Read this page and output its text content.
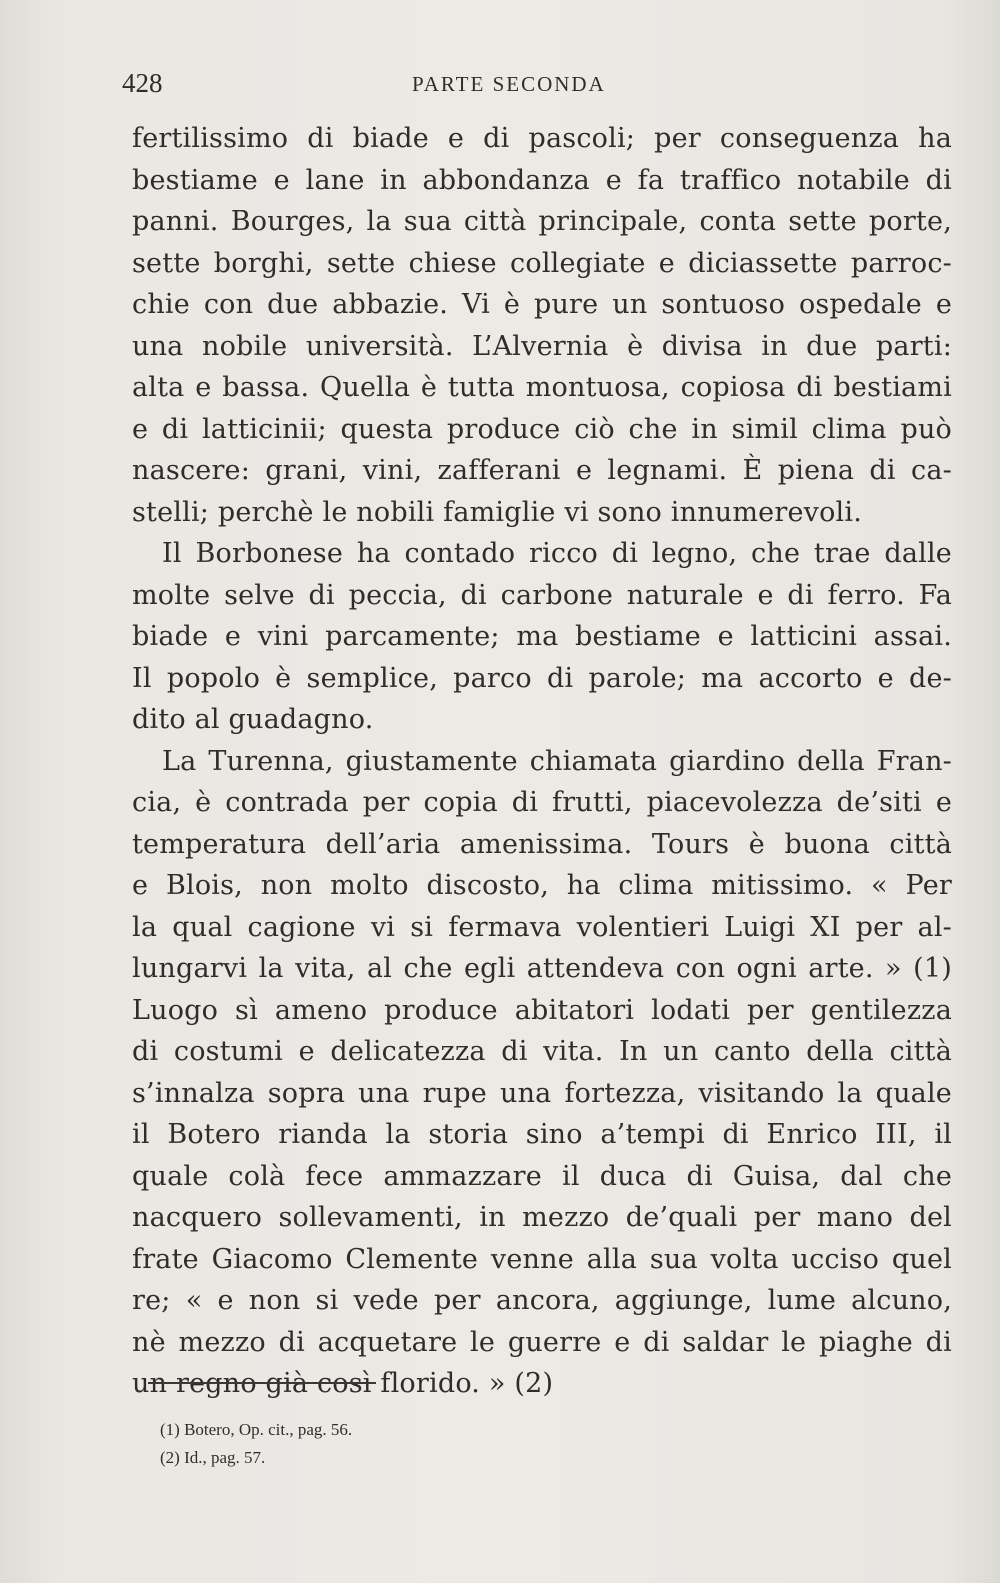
428	PARTE SECONDA
fertilissimo di biade e di pascoli; per conseguenza ha
bestiame e lane in abbondanza e fa traffico notabile di
panni. Bourges, la sua città principale, conta sette porte,
sette borghi, sette chiese collegiate e diciassette parroc-
chie con due abbazie. Vi è pure un sontuoso ospedale e
una nobile università. L’Alvernia è divisa in due parti:
alta e bassa. Quella è tutta montuosa, copiosa di bestiami
e di latticinii; questa produce ciò che in simil clima può
nascere: grani, vini, zafferani e legnami. È piena di ca-
stelli; perchè le nobili famiglie vi sono innumerevoli.
Il Borbonese ha contado ricco di legno, che trae dalle
molte selve di peccia, di carbone naturale e di ferro. Fa
biade e vini parcamente; ma bestiame e latticini assai.
Il popolo è semplice, parco di parole; ma accorto e de-
dito al guadagno.
La Turenna, giustamente chiamata giardino della Fran-
cia, è contrada per copia di frutti, piacevolezza de’siti e
temperatura dell’aria amenissima. Tours è buona città
e Blois, non molto discosto, ha clima mitissimo. « Per
la qual cagione vi si fermava volentieri Luigi XI per al-
lungarvi la vita, al che egli attendeva con ogni arte. » (1)
Luogo sì ameno produce abitatori lodati per gentilezza
di costumi e delicatezza di vita. In un canto della città
s’innalza sopra una rupe una fortezza, visitando la quale
il Botero rianda la storia sino a’tempi di Enrico III, il
quale colà fece ammazzare il duca di Guisa, dal che
nacquero sollevamenti, in mezzo de’quali per mano del
frate Giacomo Clemente venne alla sua volta ucciso quel
re; « e non si vede per ancora, aggiunge, lume alcuno,
nè mezzo di acquetare le guerre e di saldar le piaghe di
un regno già così florido. » (2)
(1) Botero, Op. cit., pag. 56.
(2) Id., pag. 57.
